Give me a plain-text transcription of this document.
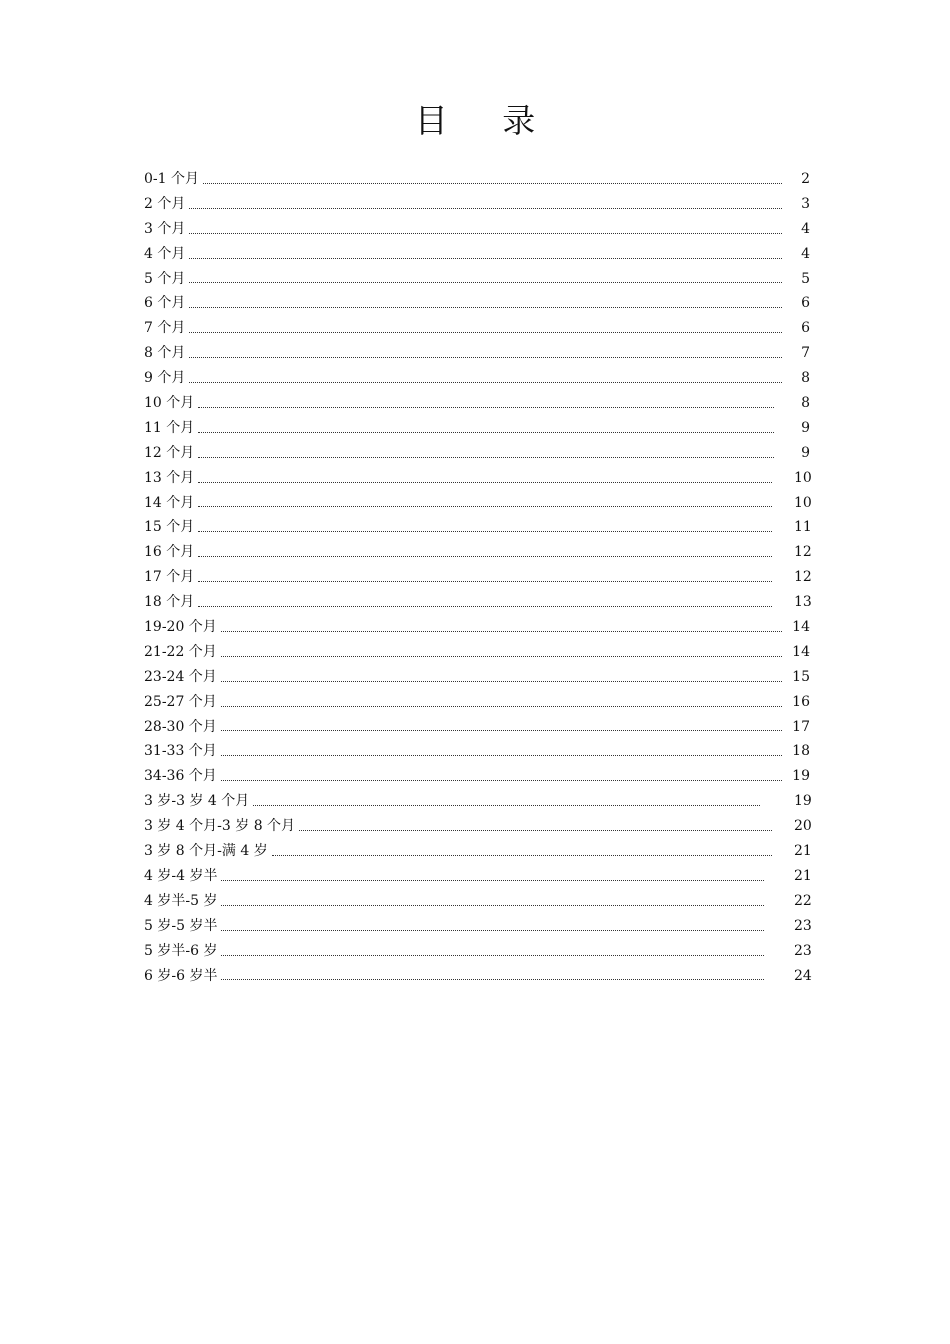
目 录
0-1 个月	2
2 个月	3
3 个月	4
4 个月	4
5 个月	5
6 个月	6
7 个月	6
8 个月	7
9 个月	8
10 个月	8
11 个月	9
12 个月	9
13 个月	10
14 个月	10
15 个月	11
16 个月	12
17 个月	12
18 个月	13
19-20 个月	14
21-22 个月	14
23-24 个月	15
25-27 个月	16
28-30 个月	17
31-33 个月	18
34-36 个月	19
3 岁-3 岁 4 个月	19
3 岁 4 个月-3 岁 8 个月	20
3 岁 8 个月-满 4 岁	21
4 岁-4 岁半	21
4 岁半-5 岁	22
5 岁-5 岁半	23
5 岁半-6 岁	23
6 岁-6 岁半	24
